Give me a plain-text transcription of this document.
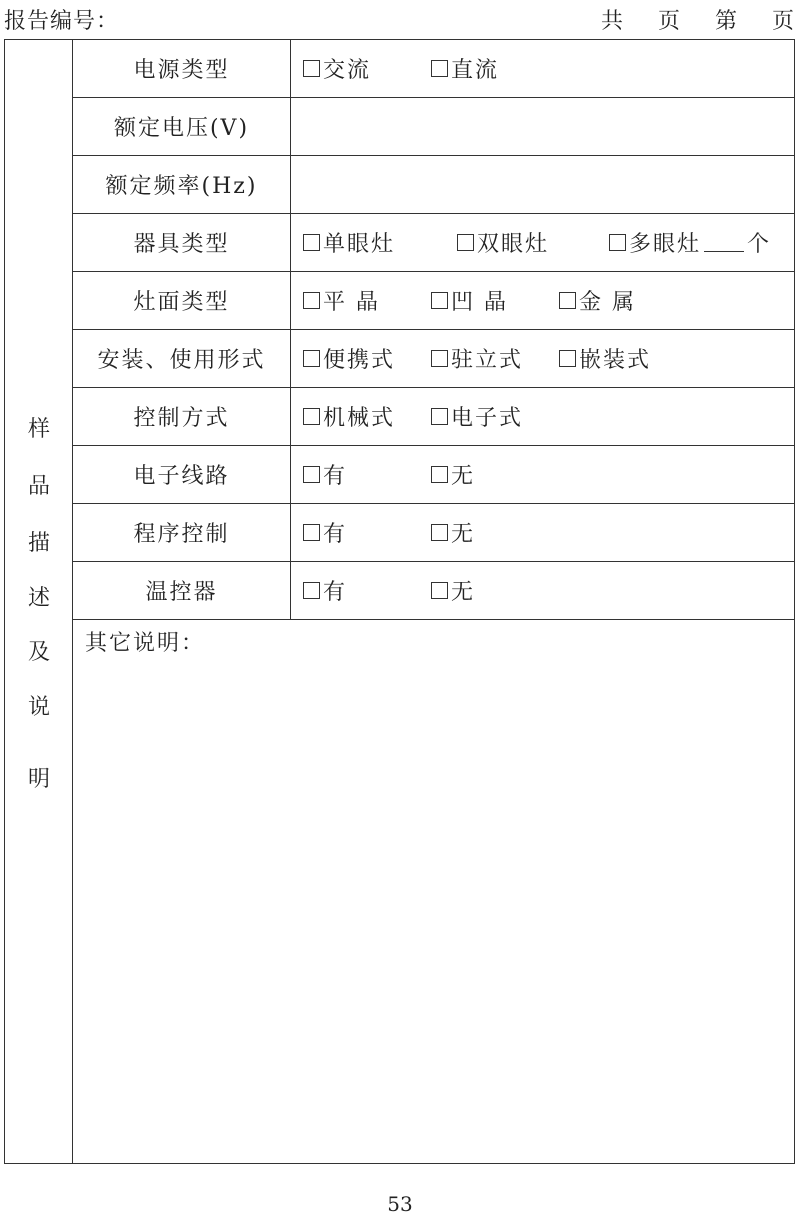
报告编号：	共 页 第 页
样
品
描
述
及
说
明
电源类型	交流	直流
额定电压(V)
额定频率(Hz)
器具类型	单眼灶	双眼灶	多眼灶 个
灶面类型	平 晶	凹 晶	金 属
安装、使用形式	便携式	驻立式	嵌装式
控制方式	机械式	电子式
电子线路	有	无
程序控制	有	无
温控器	有	无
其它说明：
53
